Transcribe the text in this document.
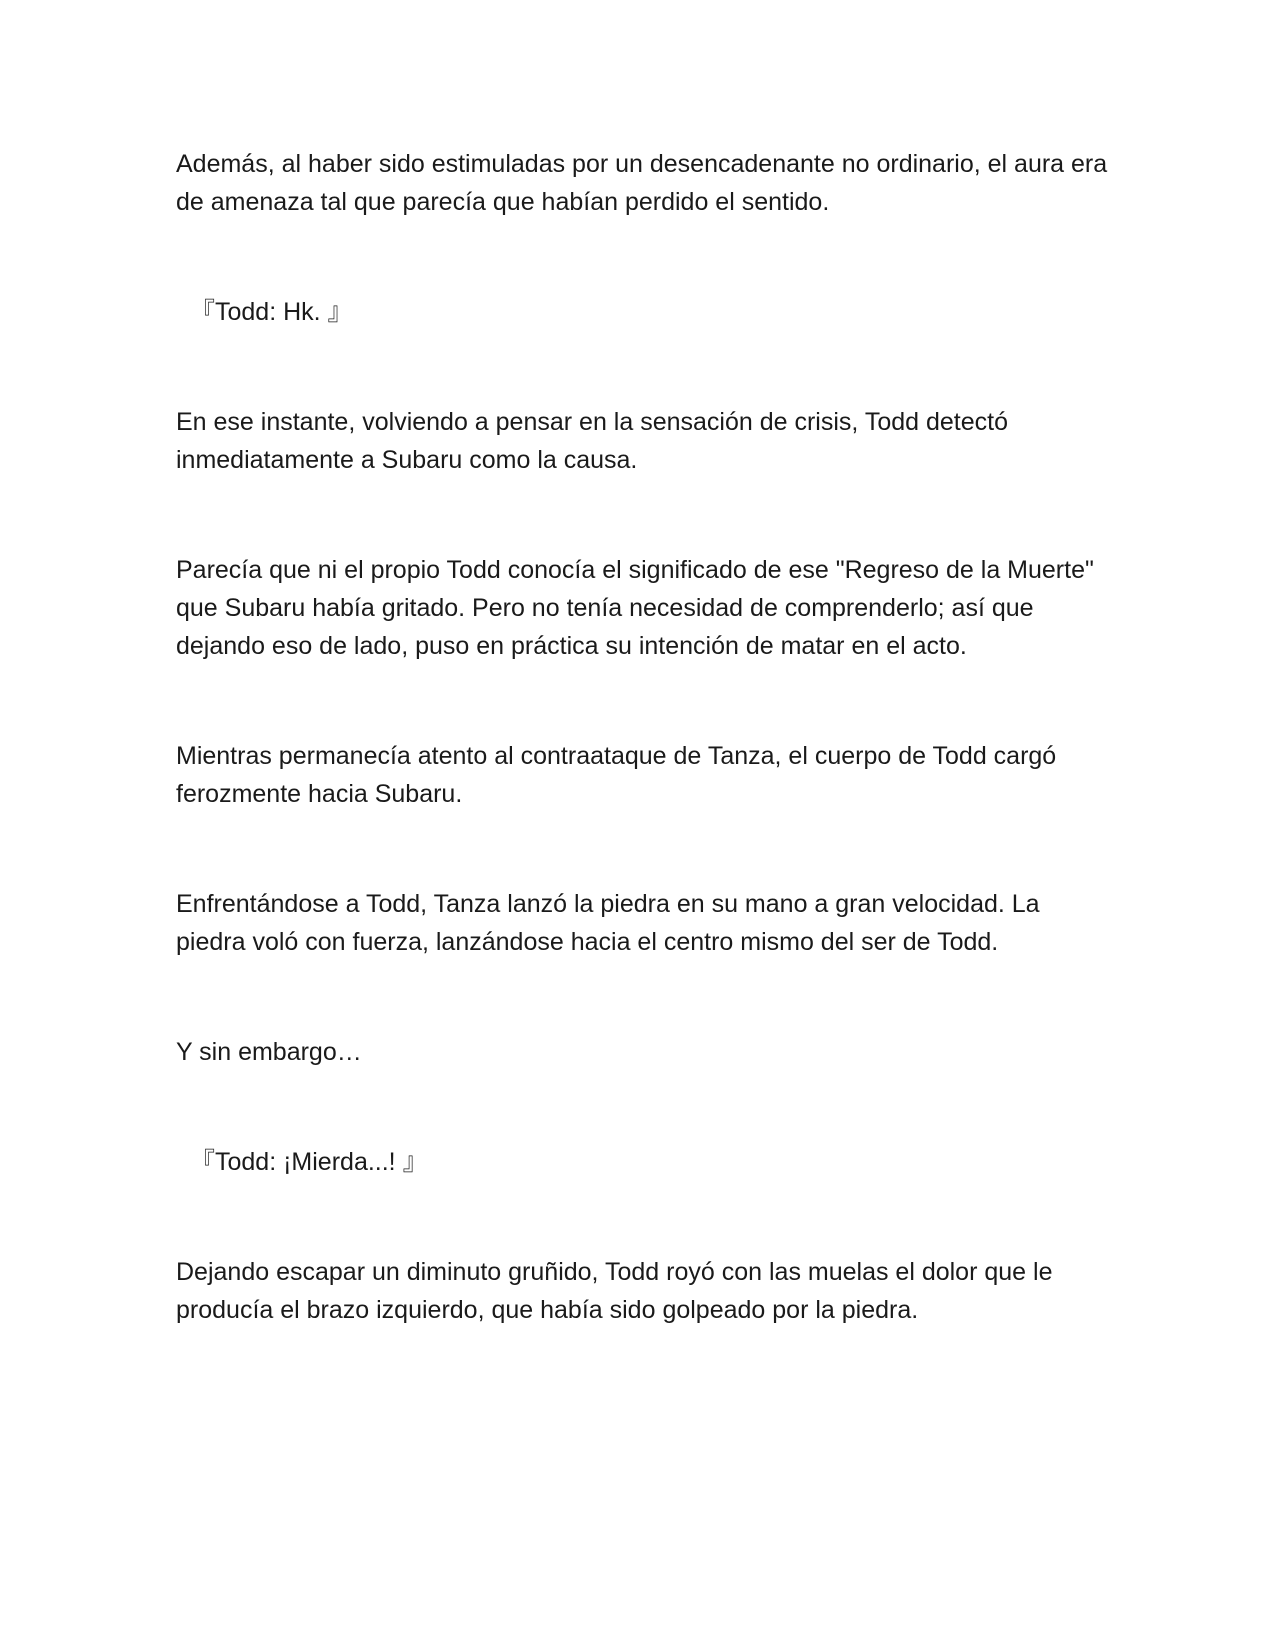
Además, al haber sido estimuladas por un desencadenante no ordinario, el aura era de amenaza tal que parecía que habían perdido el sentido.

『Todd: Hk. 』

En ese instante, volviendo a pensar en la sensación de crisis, Todd detectó inmediatamente a Subaru como la causa.

Parecía que ni el propio Todd conocía el significado de ese "Regreso de la Muerte" que Subaru había gritado. Pero no tenía necesidad de comprenderlo; así que dejando eso de lado, puso en práctica su intención de matar en el acto.

Mientras permanecía atento al contraataque de Tanza, el cuerpo de Todd cargó ferozmente hacia Subaru.

Enfrentándose a Todd, Tanza lanzó la piedra en su mano a gran velocidad. La piedra voló con fuerza, lanzándose hacia el centro mismo del ser de Todd.

Y sin embargo…

『Todd: ¡Mierda...! 』

Dejando escapar un diminuto gruñido, Todd royó con las muelas el dolor que le producía el brazo izquierdo, que había sido golpeado por la piedra.
